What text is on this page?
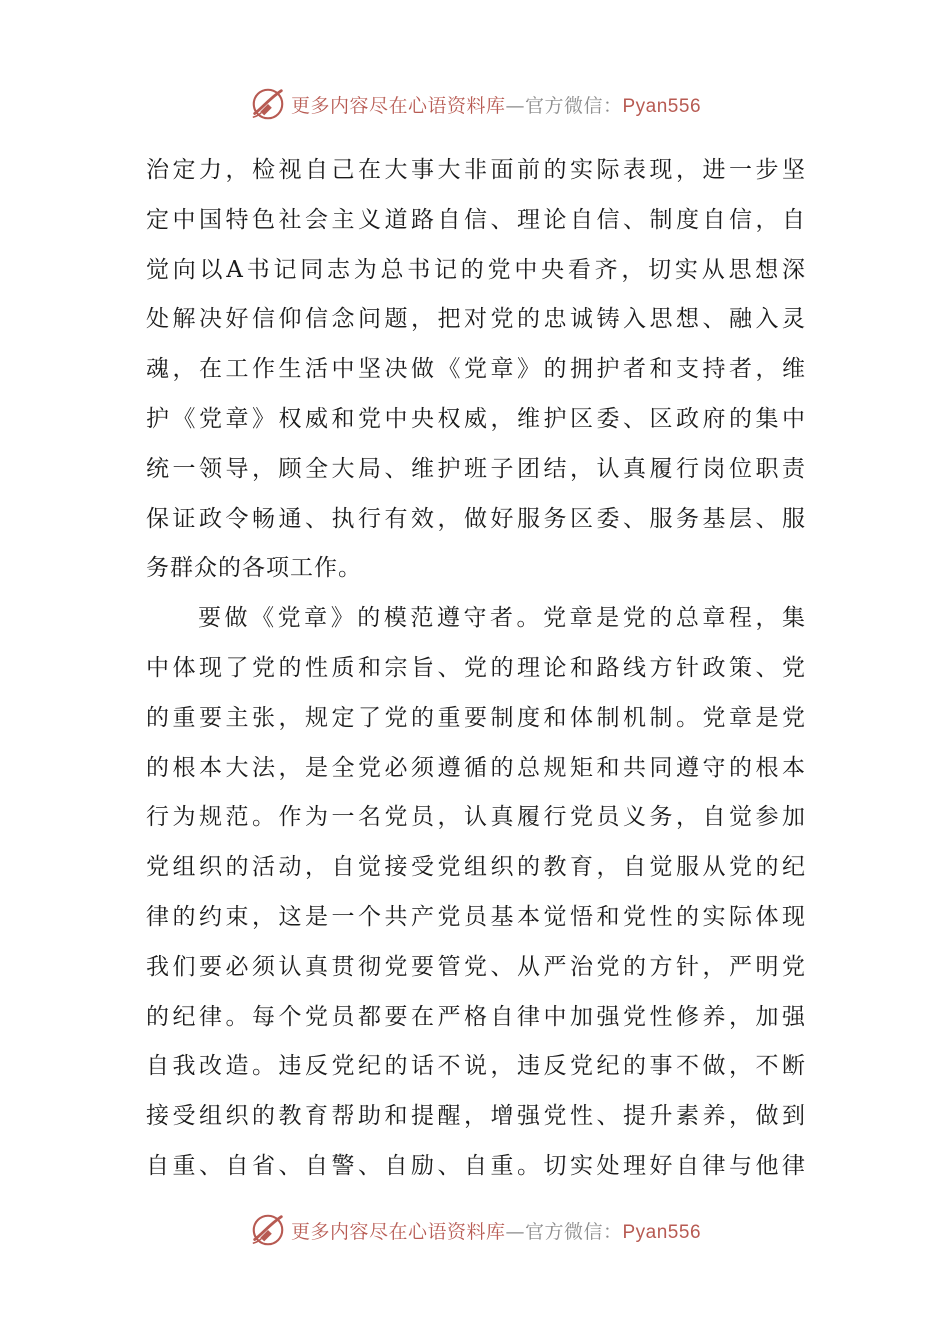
更多内容尽在心语资料库—官方微信：Pyan556
治定力，检视自己在大事大非面前的实际表现，进一步坚
定中国特色社会主义道路自信、理论自信、制度自信，自
觉向以A书记同志为总书记的党中央看齐，切实从思想深
处解决好信仰信念问题，把对党的忠诚铸入思想、融入灵
魂，在工作生活中坚决做《党章》的拥护者和支持者，维
护《党章》权威和党中央权威，维护区委、区政府的集中
统一领导，顾全大局、维护班子团结，认真履行岗位职责
保证政令畅通、执行有效，做好服务区委、服务基层、服
务群众的各项工作。
要做《党章》的模范遵守者。党章是党的总章程，集
中体现了党的性质和宗旨、党的理论和路线方针政策、党
的重要主张，规定了党的重要制度和体制机制。党章是党
的根本大法，是全党必须遵循的总规矩和共同遵守的根本
行为规范。作为一名党员，认真履行党员义务，自觉参加
党组织的活动，自觉接受党组织的教育，自觉服从党的纪
律的约束，这是一个共产党员基本觉悟和党性的实际体现
我们要必须认真贯彻党要管党、从严治党的方针，严明党
的纪律。每个党员都要在严格自律中加强党性修养，加强
自我改造。违反党纪的话不说，违反党纪的事不做，不断
接受组织的教育帮助和提醒，增强党性、提升素养，做到
自重、自省、自警、自励、自重。切实处理好自律与他律
更多内容尽在心语资料库—官方微信：Pyan556
